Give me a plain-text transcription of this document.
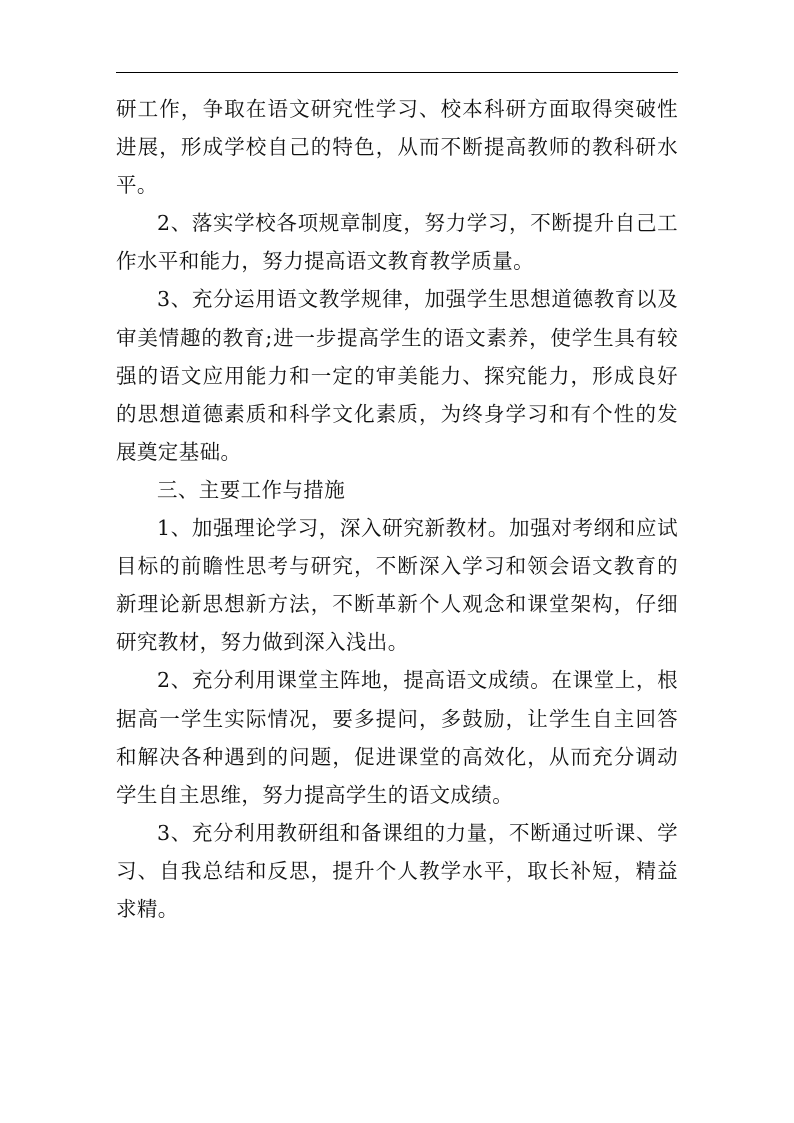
研工作，争取在语文研究性学习、校本科研方面取得突破性进展，形成学校自己的特色，从而不断提高教师的教科研水平。

2、落实学校各项规章制度，努力学习，不断提升自己工作水平和能力，努力提高语文教育教学质量。

3、充分运用语文教学规律，加强学生思想道德教育以及审美情趣的教育;进一步提高学生的语文素养，使学生具有较强的语文应用能力和一定的审美能力、探究能力，形成良好的思想道德素质和科学文化素质，为终身学习和有个性的发展奠定基础。

三、主要工作与措施

1、加强理论学习，深入研究新教材。加强对考纲和应试目标的前瞻性思考与研究，不断深入学习和领会语文教育的新理论新思想新方法，不断革新个人观念和课堂架构，仔细研究教材，努力做到深入浅出。

2、充分利用课堂主阵地，提高语文成绩。在课堂上，根据高一学生实际情况，要多提问，多鼓励，让学生自主回答和解决各种遇到的问题，促进课堂的高效化，从而充分调动学生自主思维，努力提高学生的语文成绩。

3、充分利用教研组和备课组的力量，不断通过听课、学习、自我总结和反思，提升个人教学水平，取长补短，精益求精。
